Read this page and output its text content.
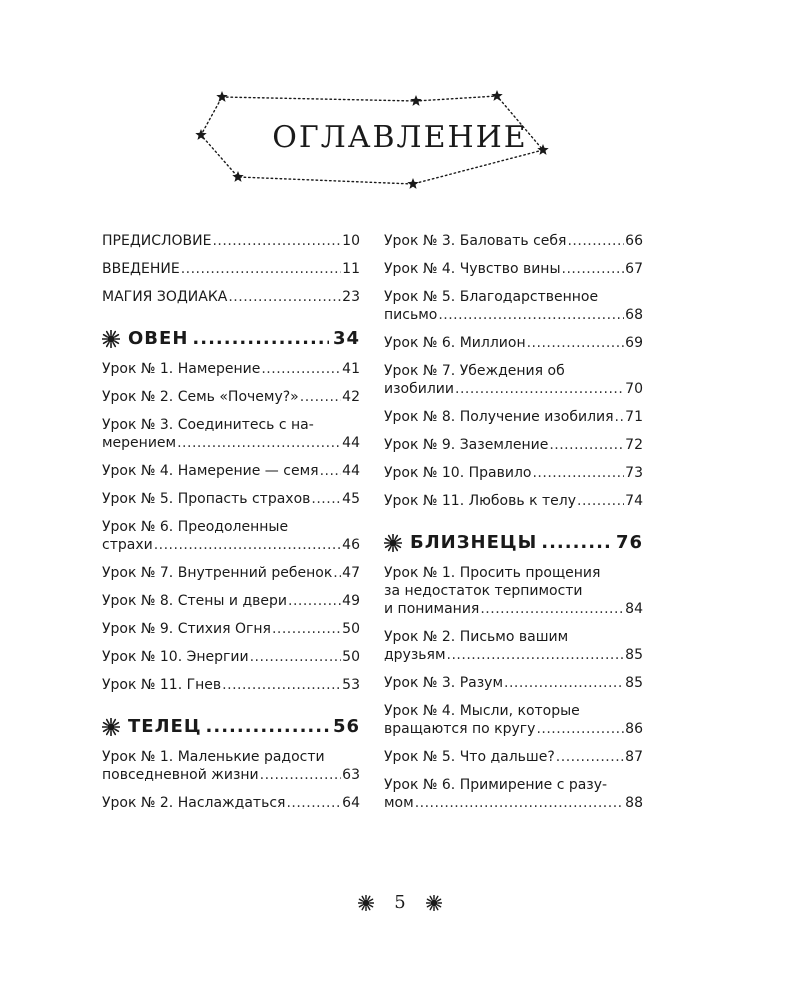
ОГЛАВЛЕНИЕ
ПРЕДИСЛОВИЕ .....	10
ВВЕДЕНИЕ .....	11
МАГИЯ ЗОДИАКА .....	23
ОВЕН .....	34
Урок № 1. Намерение .....	41
Урок № 2. Семь «Почему?» .....	42
Урок № 3. Соединитесь с на-
мерением .....	44
Урок № 4. Намерение — семя ..... 44
Урок № 5. Пропасть страхов ..... 45
Урок № 6. Преодоленные
страхи .....	46
Урок № 7. Внутренний ребенок ..... 47
Урок № 8. Стены и двери .....	49
Урок № 9. Стихия Огня .....	50
Урок № 10. Энергии .....	50
Урок № 11. Гнев .....	53
ТЕЛЕЦ .....	56
Урок № 1. Маленькие радости
повседневной жизни .....	63
Урок № 2. Наслаждаться .....	64
Урок № 3. Баловать себя .....	66
Урок № 4. Чувство вины .....	67
Урок № 5. Благодарственное
письмо .....	68
Урок № 6. Миллион .....	69
Урок № 7. Убеждения об
изобилии .....	70
Урок № 8. Получение изобилия ..... 71
Урок № 9. Заземление .....	72
Урок № 10. Правило .....	73
Урок № 11. Любовь к телу .....	74
БЛИЗНЕЦЫ .....	76
Урок № 1. Просить прощения
за недостаток терпимости
и понимания .....	84
Урок № 2. Письмо вашим
друзьям .....	85
Урок № 3. Разум .....	85
Урок № 4. Мысли, которые
вращаются по кругу .....	86
Урок № 5. Что дальше? .....	87
Урок № 6. Примирение с разу-
мом .....	88
5
